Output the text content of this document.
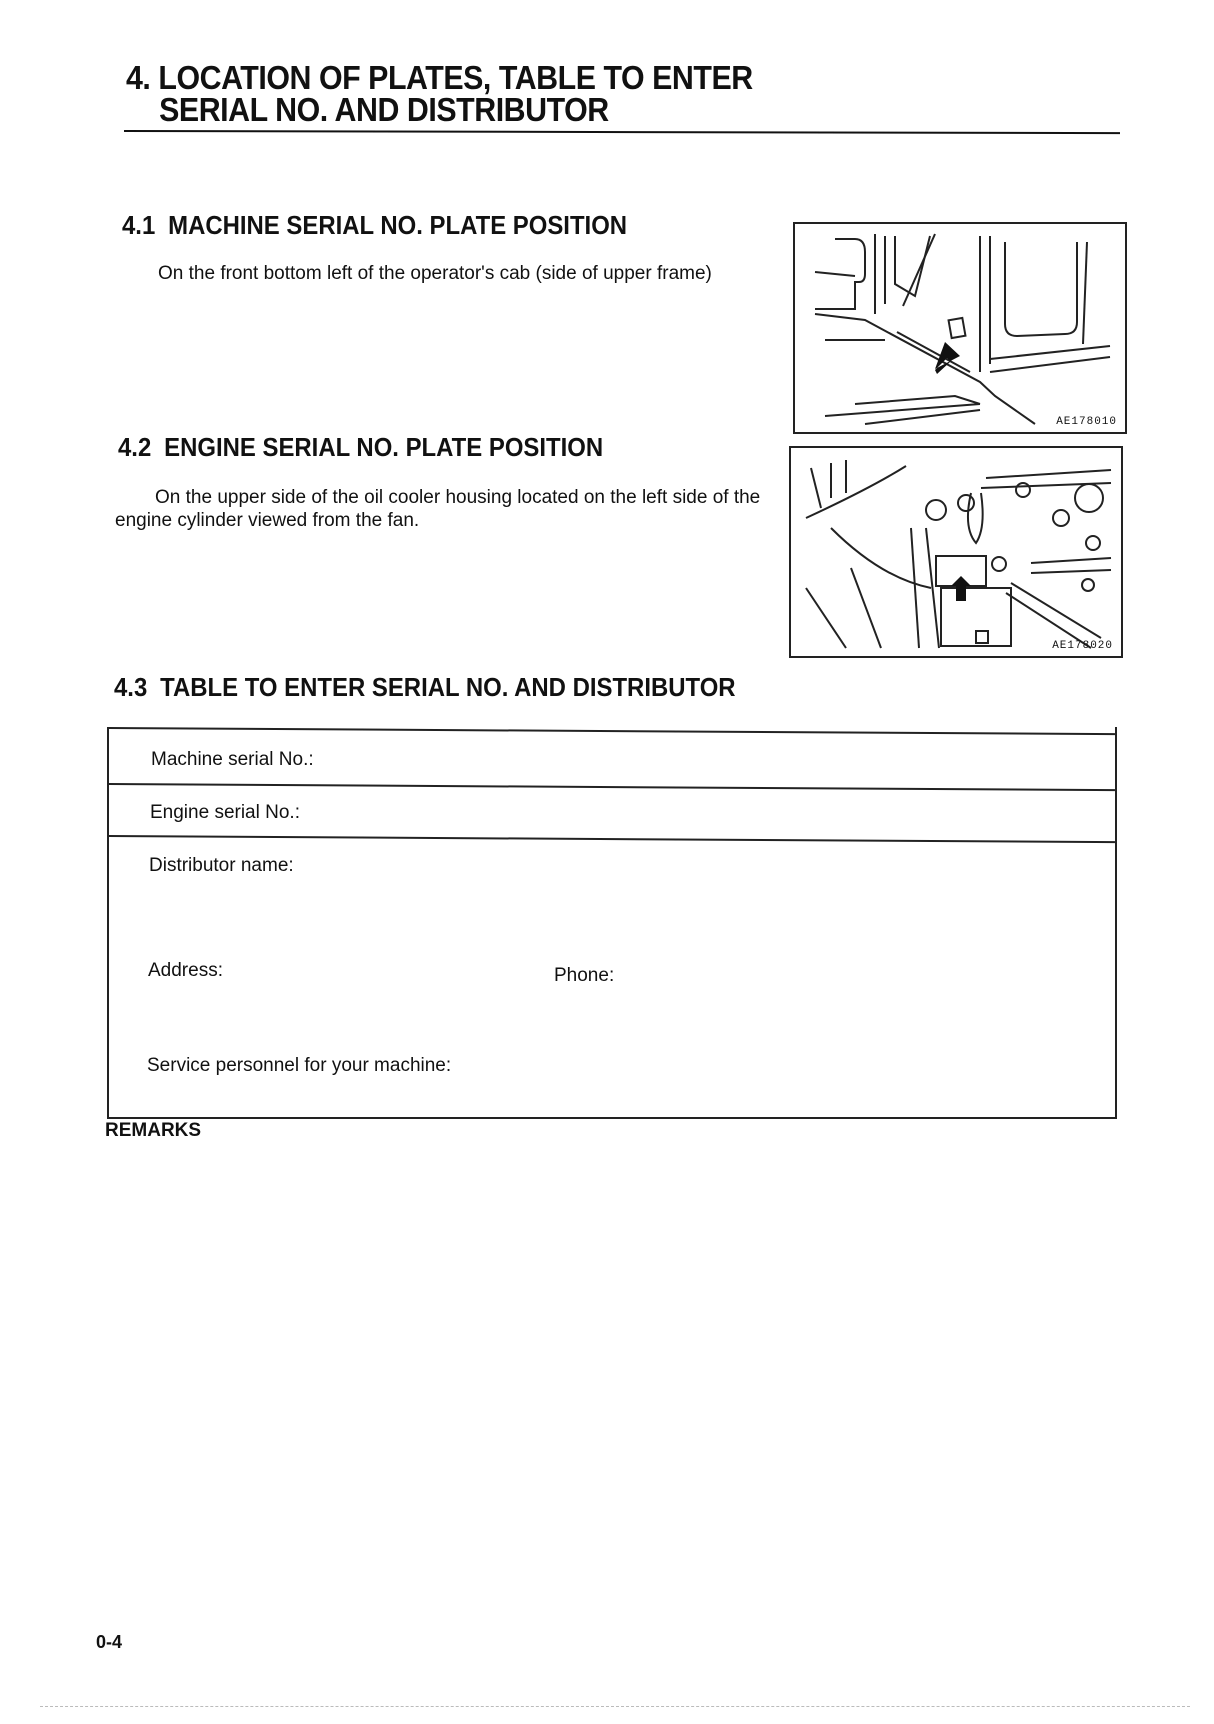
4. LOCATION OF PLATES, TABLE TO ENTER
SERIAL NO. AND DISTRIBUTOR
4.1 MACHINE SERIAL NO. PLATE POSITION
On the front bottom left of the operator's cab (side of upper frame)
AE178010
4.2 ENGINE SERIAL NO. PLATE POSITION
On the upper side of the oil cooler housing located on the left side of the engine cylinder viewed from the fan.
AE178020
4.3 TABLE TO ENTER SERIAL NO. AND DISTRIBUTOR
Machine serial No.:
Engine serial No.:
Distributor name:
Address:	Phone:
Service personnel for your machine:
REMARKS
0-4
